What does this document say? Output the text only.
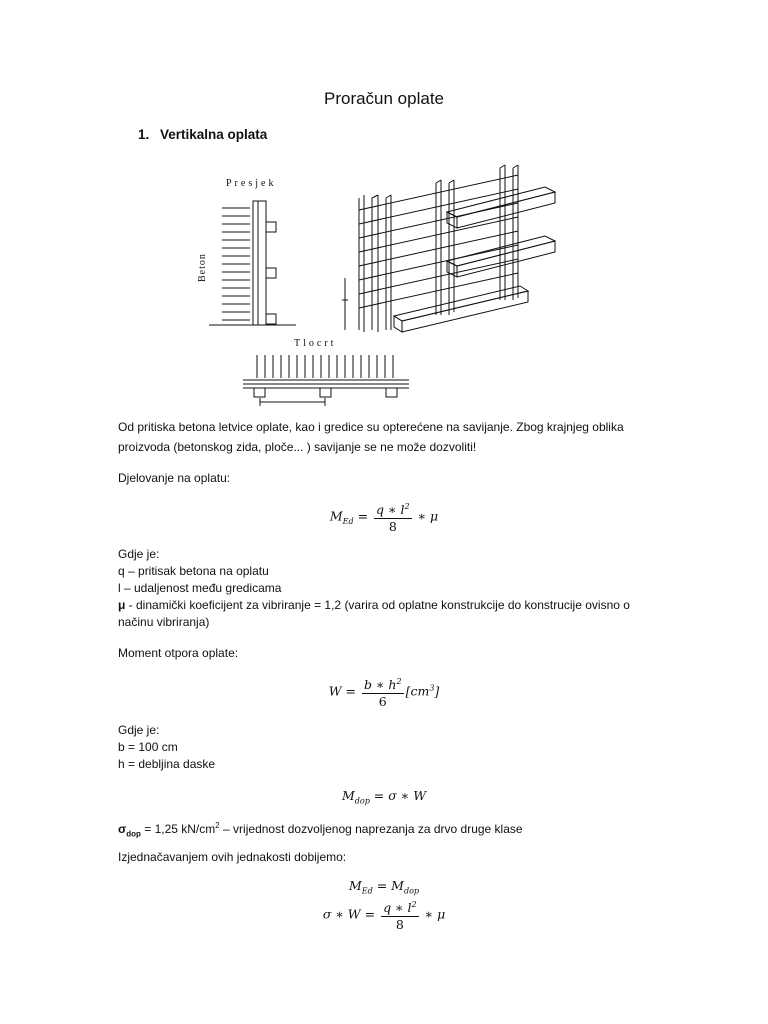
Proračun oplate
1. Vertikalna oplata
Presjek
Beton
Tlocrt
Od pritiska betona letvice oplate, kao i gredice su opterećene na savijanje. Zbog krajnjeg oblika
proizvoda (betonskog zida, ploče... ) savijanje se ne može dozvoliti!
Djelovanje na oplatu:
$M_{Ed} = \frac{q ∗ l^2}{8}$ ∗ μ
Gdje je:
q – pritisak betona na oplatu
l – udaljenost među gredicama
μ - dinamički koeficijent za vibriranje = 1,2 (varira od oplatne konstrukcije do konstrucije ovisno o
načinu vibriranja)
Moment otpora oplate:
$W = \frac{b ∗ h^2}{6} [cm^3]$
Gdje je:
b = 100 cm
h = debljina daske
$M_{dop} = \sigma$ ∗ W
$\sigma_{dop} = 1,25$ $kN/cm^2$ – vrijednost dozvoljenog naprezanja za drvo druge klase
Izjednačavanjem ovih jednakosti dobijemo:
$M_{Ed} = M_{dop}$
σ ∗ $W = \frac{q ∗ l^2}{8}$ ∗ μ
